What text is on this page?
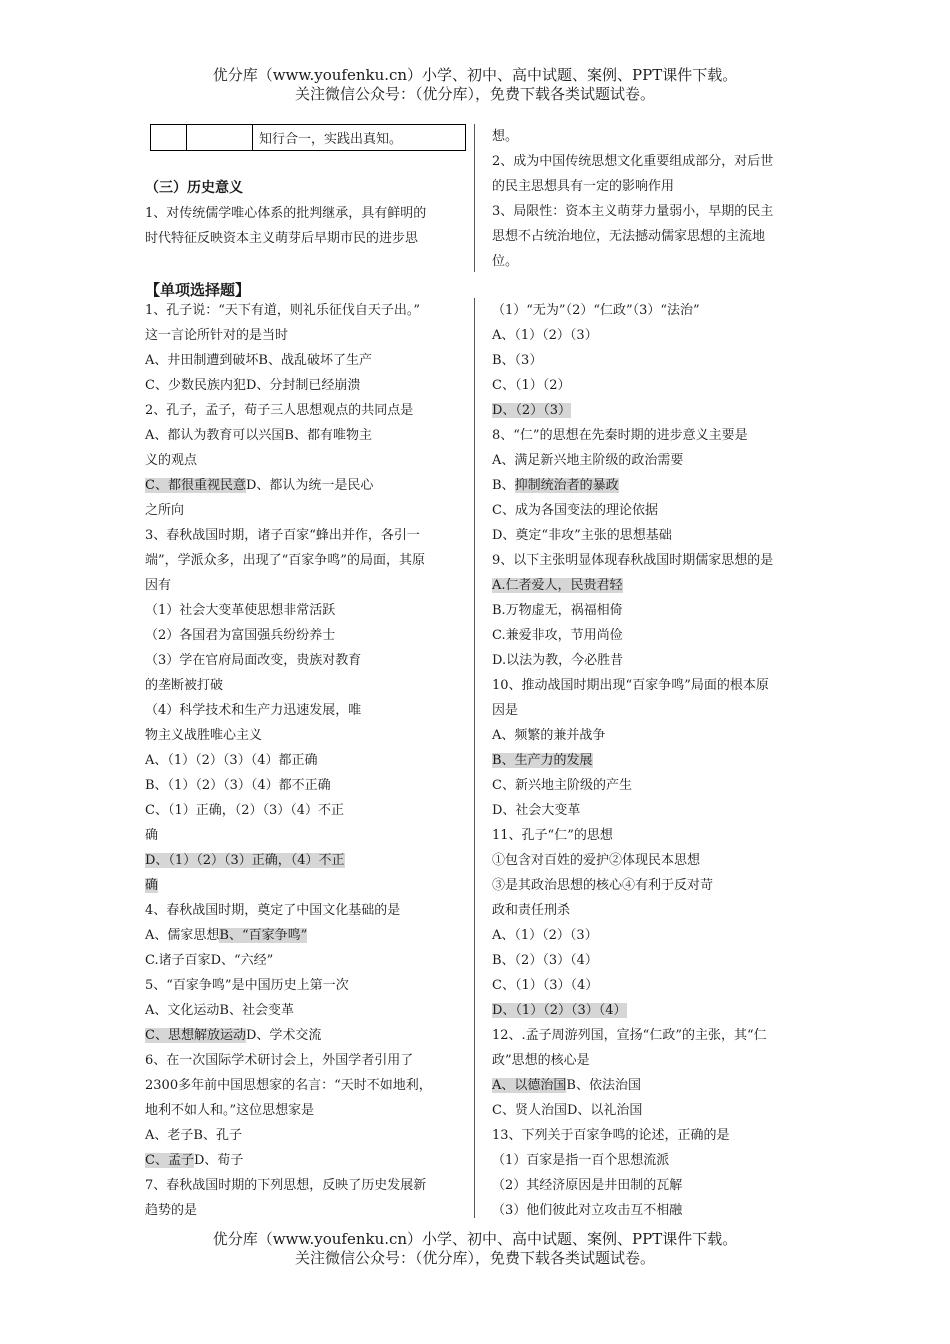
优分库（www.youfenku.cn）小学、初中、高中试题、案例、PPT课件下载。
关注微信公众号：（优分库），免费下载各类试题试卷。
		知行合一，实践出真知。
（三）历史意义
1、对传统儒学唯心体系的批判继承，具有鲜明的
时代特征反映资本主义萌芽后早期市民的进步思
想。
2、成为中国传统思想文化重要组成部分，对后世
的民主思想具有一定的影响作用
3、局限性：资本主义萌芽力量弱小，早期的民主
思想不占统治地位，无法撼动儒家思想的主流地
位。
【单项选择题】
1、孔子说：“天下有道，则礼乐征伐自天子出。”
这一言论所针对的是当时
A、井田制遭到破坏B、战乱破坏了生产
C、少数民族内犯D、分封制已经崩溃
2、孔子，孟子，荀子三人思想观点的共同点是
A、都认为教育可以兴国B、都有唯物主
义的观点
C、都很重视民意D、都认为统一是民心
之所向
3、春秋战国时期，诸子百家“蜂出并作，各引一
端”，学派众多，出现了“百家争鸣”的局面，其原
因有
（1）社会大变革使思想非常活跃
（2）各国君为富国强兵纷纷养士
（3）学在官府局面改变，贵族对教育
的垄断被打破
（4）科学技术和生产力迅速发展，唯
物主义战胜唯心主义
A、（1）（2）（3）（4）都正确
B、（1）（2）（3）（4）都不正确
C、（1）正确，（2）（3）（4）不正
确
D、（1）（2）（3）正确，（4）不正
确
4、春秋战国时期，奠定了中国文化基础的是
A、儒家思想B、“百家争鸣”
C.诸子百家D、“六经”
5、“百家争鸣”是中国历史上第一次
A、文化运动B、社会变革
C、思想解放运动D、学术交流
6、在一次国际学术研讨会上，外国学者引用了
2300多年前中国思想家的名言：“天时不如地利，
地利不如人和。”这位思想家是
A、老子B、孔子
C、孟子D、荀子
7、春秋战国时期的下列思想，反映了历史发展新
趋势的是
（1）“无为”（2）“仁政”（3）“法治”
A、（1）（2）（3）
B、（3）
C、（1）（2）
D、（2）（3）
8、“仁”的思想在先秦时期的进步意义主要是
A、满足新兴地主阶级的政治需要
B、抑制统治者的暴政
C、成为各国变法的理论依据
D、奠定“非攻”主张的思想基础
9、以下主张明显体现春秋战国时期儒家思想的是
A.仁者爱人，民贵君轻
B.万物虚无，祸福相倚
C.兼爱非攻，节用尚俭
D.以法为教，今必胜昔
10、推动战国时期出现“百家争鸣”局面的根本原
因是
A、频繁的兼并战争
B、生产力的发展
C、新兴地主阶级的产生
D、社会大变革
11、孔子“仁”的思想
①包含对百姓的爱护②体现民本思想
③是其政治思想的核心④有利于反对苛
政和责任刑杀
A、（1）（2）（3）
B、（2）（3）（4）
C、（1）（3）（4）
D、（1）（2）（3）（4）
12、.孟子周游列国，宣扬“仁政”的主张，其“仁
政”思想的核心是
A、以德治国B、依法治国
C、贤人治国D、以礼治国
13、下列关于百家争鸣的论述，正确的是
（1）百家是指一百个思想流派
（2）其经济原因是井田制的瓦解
（3）他们彼此对立攻击互不相融
优分库（www.youfenku.cn）小学、初中、高中试题、案例、PPT课件下载。
关注微信公众号：（优分库），免费下载各类试题试卷。
